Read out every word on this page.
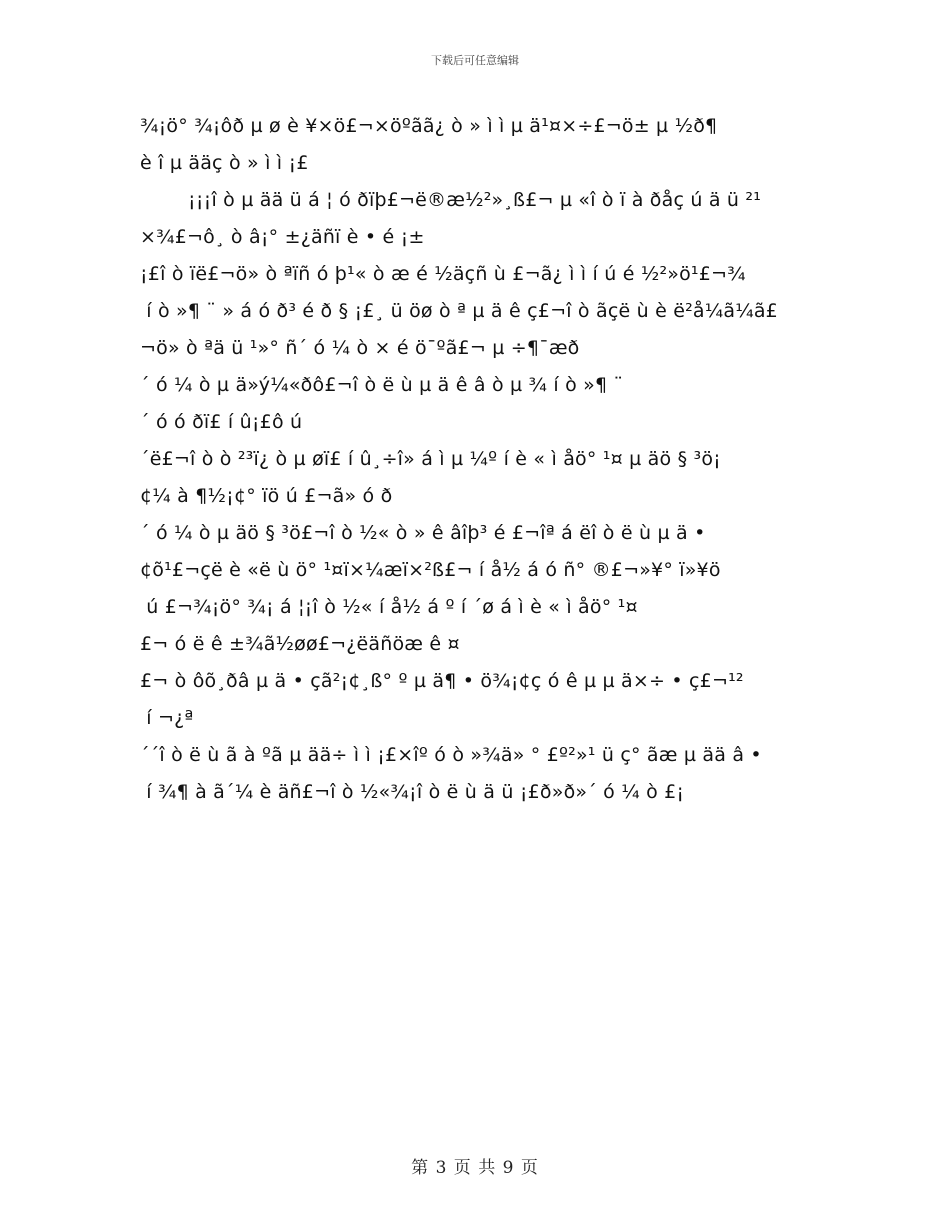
下载后可任意编辑
¾¡ö° ¾¡ôð µ ø è ¥×ö£¬×öºãã¿ ò » ì ì µ ä¹¤×÷£¬ö± µ ½ð¶
è î µ ääç ò » ì ì ¡£
¡¡¡î ò µ ää ü á ¦ ó ðïþ£¬ë®æ½²»¸ß£¬ µ «î ò ï à ðåç ú ä ü ²¹
×¾£¬ô¸ ò â¡° ±¿äñï è • é ¡±
¡£î ò ïë£¬ö» ò ªïñ ó þ¹« ò æ é ½äçñ ù £¬ã¿ ì ì í ú é ½²»ö¹£¬¾
í ò »¶ ¨ » á ó ð³ é ð § ¡£¸ ü öø ò ª µ ä ê ç£¬î ò ãçë ù è ë²å¼ã¼ã£
¬ö» ò ªä ü ¹»° ñ´ ó ¼ ò × é ö¯ºã£¬ µ ÷¶¯æð
´ ó ¼ ò µ ä»ý¼«ðô£¬î ò ë ù µ ä ê â ò µ ¾ í ò »¶ ¨
´ ó ó ðï£ í û¡£ô ú
´ë£¬î ò ò ²³ï¿ ò µ øï£ í û¸÷î» á ì µ ¼º í è « ì åö° ¹¤ µ äö § ³ö¡
¢¼ à ¶½¡¢° ïö ú £¬ã» ó ð
´ ó ¼ ò µ äö § ³ö£¬î ò ½« ò » ê âîþ³ é £¬îª á ëî ò ë ù µ ä •
¢õ¹£¬çë è «ë ù ö° ¹¤ï×¼æï×²ß£¬ í å½ á ó ñ° ®£¬»¥° ï»¥ö
ú £¬¾¡ö° ¾¡ á ¦¡î ò ½« í å½ á º í ´ø á ì è « ì åö° ¹¤
£¬ ó ë ê ±¾ã½øø£¬¿ëäñöæ ê ¤
£¬ ò ôõ¸ðâ µ ä • çã²¡¢¸ß° º µ ä¶ • ö¾¡¢ç ó ê µ µ ä×÷ • ç£¬¹²
í ¬¿ª
´´î ò ë ù ã à ºã µ ää÷ ì ì ¡£×îº ó ò »¾ä» ° £º²»¹ ü ç° ãæ µ ää â •
í ¾¶ à ã´¼ è äñ£¬î ò ½«¾¡î ò ë ù ä ü ¡£ð»ð»´ ó ¼ ò £¡
第 3 页 共 9 页
